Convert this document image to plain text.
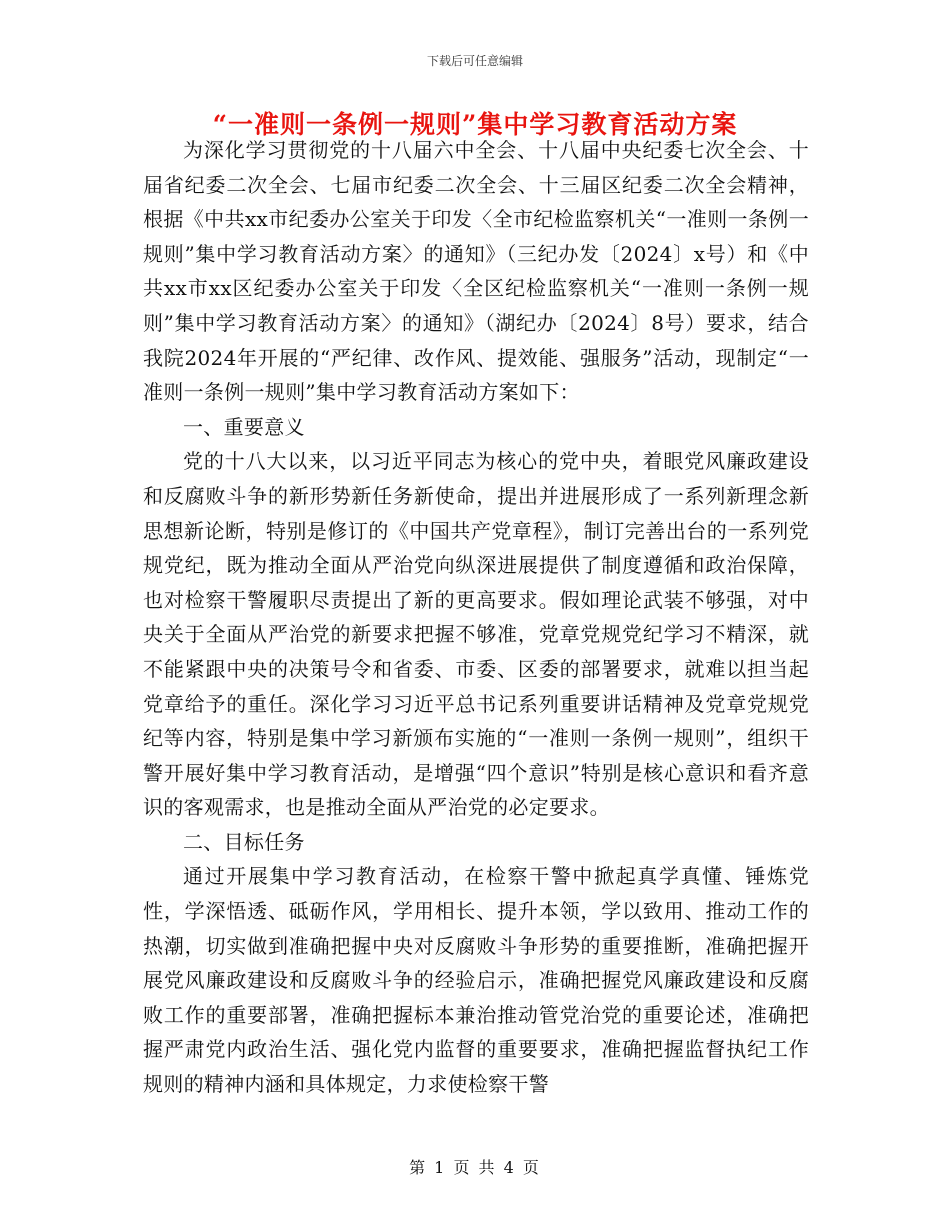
下载后可任意编辑
“一准则一条例一规则”集中学习教育活动方案

为深化学习贯彻党的十八届六中全会、十八届中央纪委七次全会、十届省纪委二次全会、七届市纪委二次全会、十三届区纪委二次全会精神，根据《中共xx市纪委办公室关于印发〈全市纪检监察机关“一准则一条例一规则”集中学习教育活动方案〉的通知》（三纪办发〔2024〕x号）和《中共xx市xx区纪委办公室关于印发〈全区纪检监察机关“一准则一条例一规则”集中学习教育活动方案〉的通知》（湖纪办〔2024〕8号）要求，结合我院2024年开展的“严纪律、改作风、提效能、强服务”活动，现制定“一准则一条例一规则”集中学习教育活动方案如下：

一、重要意义

党的十八大以来，以习近平同志为核心的党中央，着眼党风廉政建设和反腐败斗争的新形势新任务新使命，提出并进展形成了一系列新理念新思想新论断，特别是修订的《中国共产党章程》，制订完善出台的一系列党规党纪，既为推动全面从严治党向纵深进展提供了制度遵循和政治保障，也对检察干警履职尽责提出了新的更高要求。假如理论武装不够强，对中央关于全面从严治党的新要求把握不够准，党章党规党纪学习不精深，就不能紧跟中央的决策号令和省委、市委、区委的部署要求，就难以担当起党章给予的重任。深化学习习近平总书记系列重要讲话精神及党章党规党纪等内容，特别是集中学习新颁布实施的“一准则一条例一规则”，组织干警开展好集中学习教育活动，是增强“四个意识”特别是核心意识和看齐意识的客观需求，也是推动全面从严治党的必定要求。

二、目标任务

通过开展集中学习教育活动，在检察干警中掀起真学真懂、锤炼党性，学深悟透、砥砺作风，学用相长、提升本领，学以致用、推动工作的热潮，切实做到准确把握中央对反腐败斗争形势的重要推断，准确把握开展党风廉政建设和反腐败斗争的经验启示，准确把握党风廉政建设和反腐败工作的重要部署，准确把握标本兼治推动管党治党的重要论述，准确把握严肃党内政治生活、强化党内监督的重要要求，准确把握监督执纪工作规则的精神内涵和具体规定，力求使检察干警

第 1 页 共 4 页
